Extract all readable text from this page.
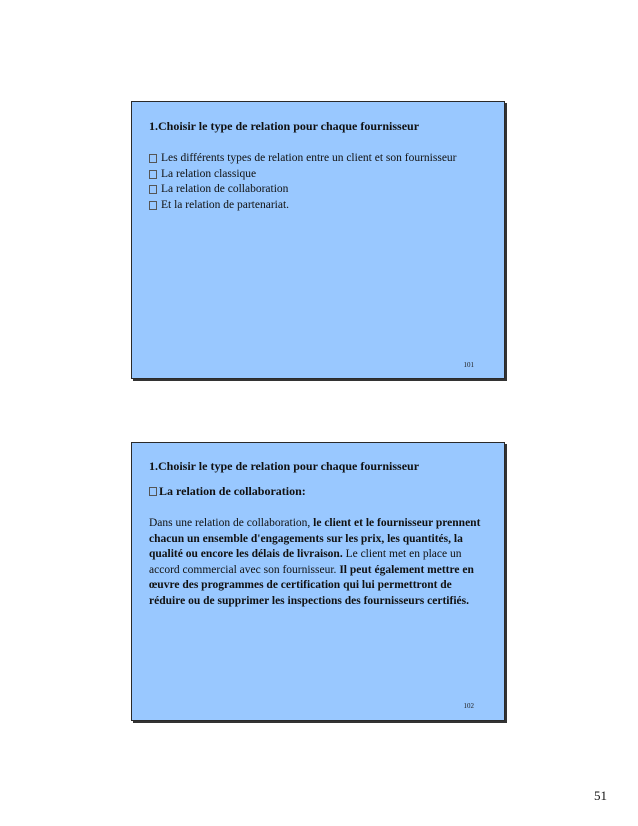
1.Choisir le type de relation pour chaque fournisseur
Les différents types de relation entre un client et son fournisseur
La relation classique
La relation de collaboration
Et la relation de partenariat.
101
1.Choisir le type de relation pour chaque fournisseur
La relation de collaboration:
Dans une relation de collaboration, le client et le fournisseur prennent chacun un ensemble d'engagements sur les prix, les quantités, la qualité ou encore les délais de livraison. Le client met en place un accord commercial avec son fournisseur. Il peut également mettre en œuvre des programmes de certification qui lui permettront de réduire ou de supprimer les inspections des fournisseurs certifiés.
102
51
